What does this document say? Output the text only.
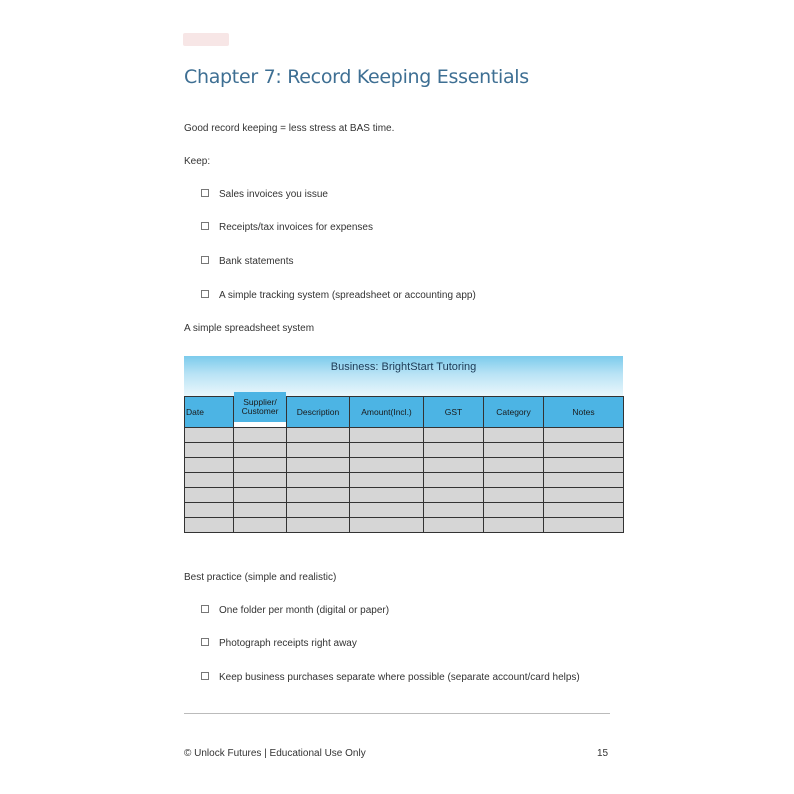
Chapter 7: Record Keeping Essentials
Good record keeping = less stress at BAS time.
Keep:
Sales invoices you issue
Receipts/tax invoices for expenses
Bank statements
A simple tracking system (spreadsheet or accounting app)
A simple spreadsheet system
Business: BrightStart Tutoring
Date	Supplier/ Customer	Description	Amount(Incl.)	GST	Category	Notes

Best practice (simple and realistic)
One folder per month (digital or paper)
Photograph receipts right away
Keep business purchases separate where possible (separate account/card helps)
© Unlock Futures | Educational Use Only	15
